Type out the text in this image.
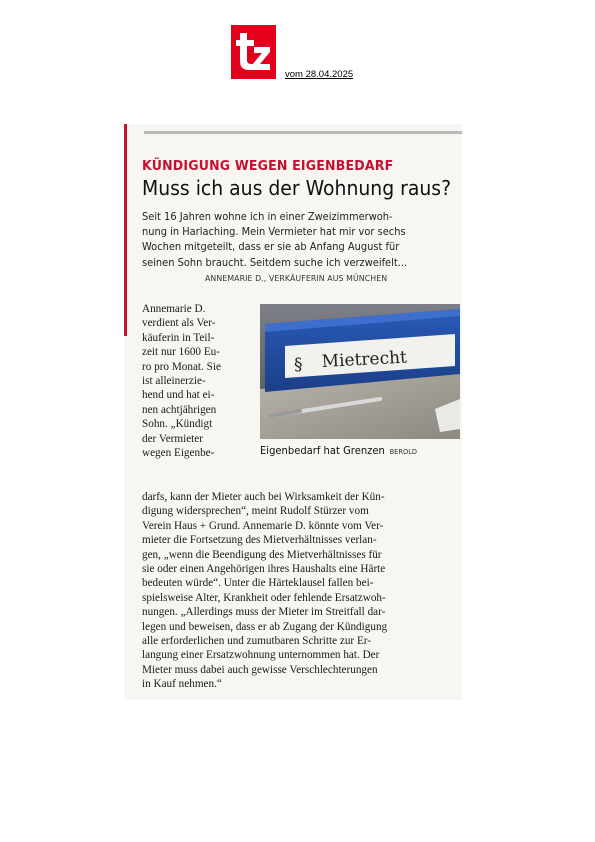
vom 28.04.2025
KÜNDIGUNG WEGEN EIGENBEDARF
Muss ich aus der Wohnung raus?
Seit 16 Jahren wohne ich in einer Zweizimmerwoh-
nung in Harlaching. Mein Vermieter hat mir vor sechs
Wochen mitgeteilt, dass er sie ab Anfang August für
seinen Sohn braucht. Seitdem suche ich verzweifelt...
ANNEMARIE D., VERKÄUFERIN AUS MÜNCHEN
§ Mietrecht
Eigenbedarf hat Grenzen BEROLD
Annemarie D.
verdient als Ver-
käuferin in Teil-
zeit nur 1600 Eu-
ro pro Monat. Sie
ist alleinerzie-
hend und hat ei-
nen achtjährigen
Sohn. „Kündigt
der Vermieter
wegen Eigenbe-
darfs, kann der Mieter auch bei Wirksamkeit der Kün-
digung widersprechen“, meint Rudolf Stürzer vom
Verein Haus + Grund. Annemarie D. könnte vom Ver-
mieter die Fortsetzung des Mietverhältnisses verlan-
gen, „wenn die Beendigung des Mietverhältnisses für
sie oder einen Angehörigen ihres Haushalts eine Härte
bedeuten würde“. Unter die Härteklausel fallen bei-
spielsweise Alter, Krankheit oder fehlende Ersatzwoh-
nungen. „Allerdings muss der Mieter im Streitfall dar-
legen und beweisen, dass er ab Zugang der Kündigung
alle erforderlichen und zumutbaren Schritte zur Er-
langung einer Ersatzwohnung unternommen hat. Der
Mieter muss dabei auch gewisse Verschlechterungen
in Kauf nehmen.“
